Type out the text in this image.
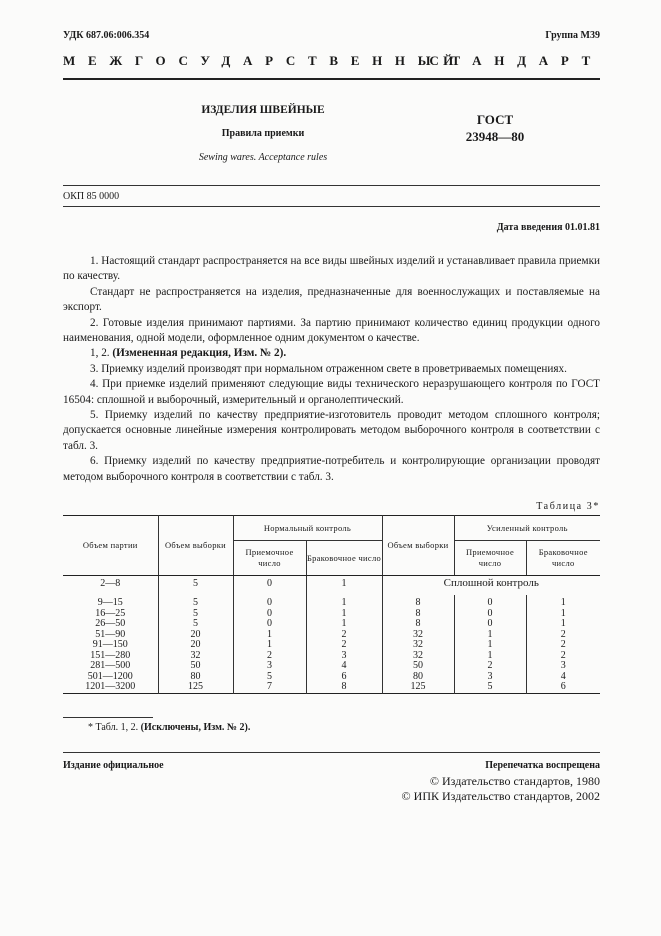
УДК 687.06:006.354	Группа М39
МЕЖГОСУДАРСТВЕННЫЙ
СТАНДАРТ
ИЗДЕЛИЯ ШВЕЙНЫЕ
Правила приемки
Sewing wares. Acceptance rules
ГОСТ
23948—80
ОКП 85 0000
Дата введения 01.01.81

1. Настоящий стандарт распространяется на все виды швейных изделий и устанавливает правила приемки по качеству.

Стандарт не распространяется на изделия, предназначенные для военнослужащих и поставляемые на экспорт.

2. Готовые изделия принимают партиями. За партию принимают количество единиц продукции одного наименования, одной модели, оформленное одним документом о качестве.

1, 2. (Измененная редакция, Изм. № 2).

3. Приемку изделий производят при нормальном отраженном свете в проветриваемых помещениях.

4. При приемке изделий применяют следующие виды технического неразрушающего контроля по ГОСТ 16504: сплошной и выборочный, измерительный и органолептический.

5. Приемку изделий по качеству предприятие-изготовитель проводит методом сплошного контроля; допускается основные линейные измерения контролировать методом выборочного контроля в соответствии с табл. 3.

6. Приемку изделий по качеству предприятие-потребитель и контролирующие организации проводят методом выборочного контроля в соответствии с табл. 3.

Таблица 3*
Объем партии	Объем выборки	Нормальный контроль		Объем выборки	Усиленный контроль	
		Приемочное число	Браковочное число		Приемочное число	Браковочное число
2—8	5	0	1	Сплошной контроль		
9—15	5	0	1	8	0	1
16—25	5	0	1	8	0	1
26—50	5	0	1	8	0	1
51—90	20	1	2	32	1	2
91—150	20	1	2	32	1	2
151—280	32	2	3	32	1	2
281—500	50	3	4	50	2	3
501—1200	80	5	6	80	3	4
1201—3200	125	7	8	125	5	6
* Табл. 1, 2. (Исключены, Изм. № 2).
Издание официальное	Перепечатка воспрещена
© Издательство стандартов, 1980
© ИПК Издательство стандартов, 2002
